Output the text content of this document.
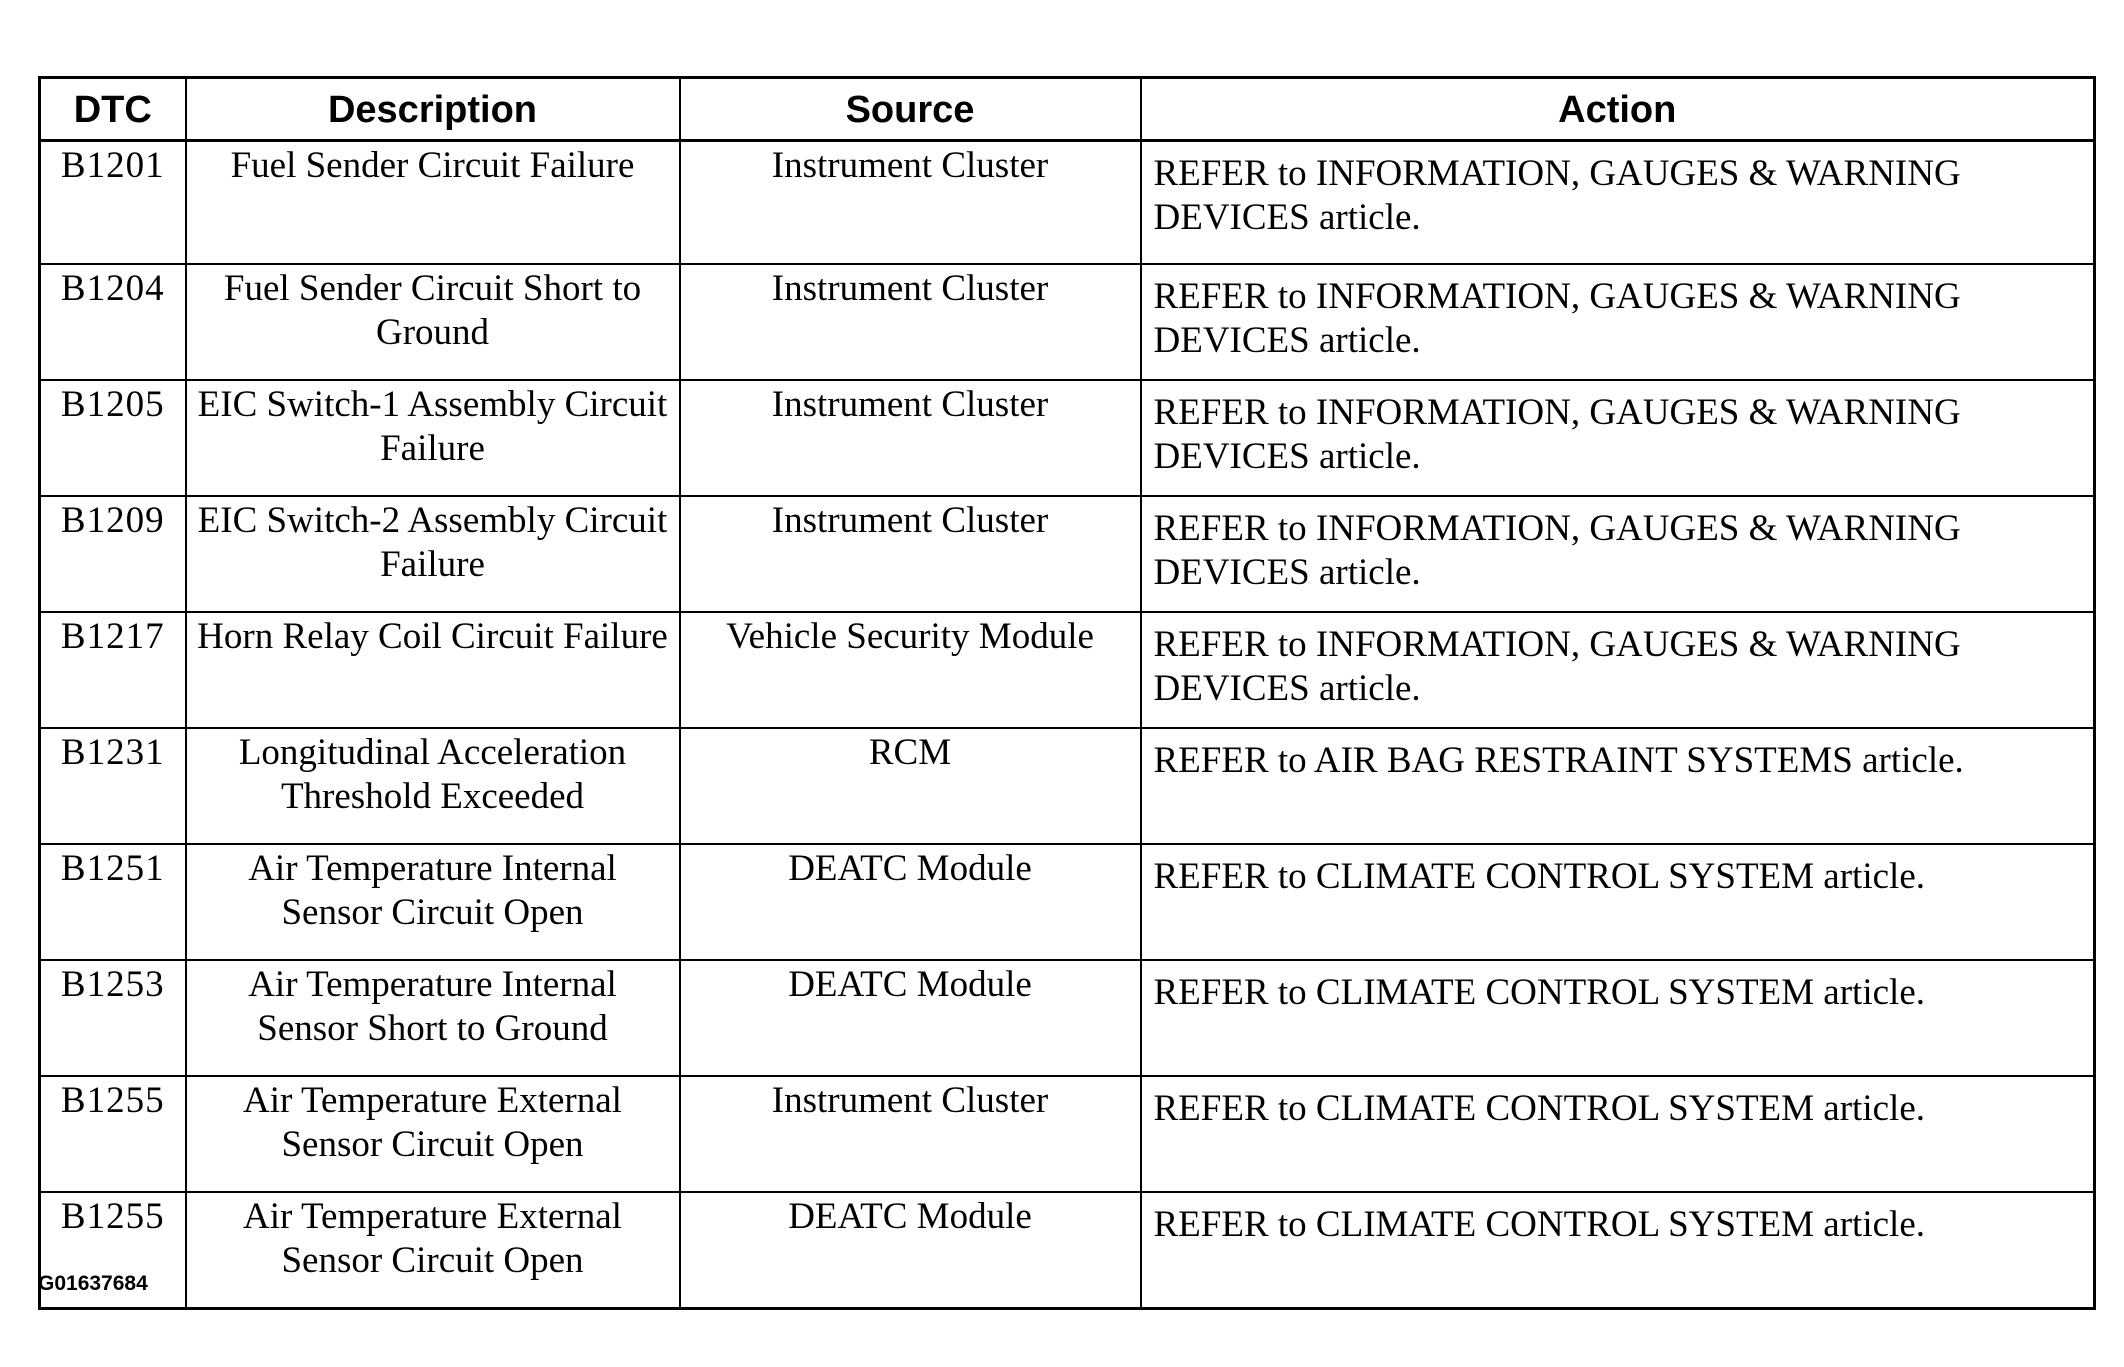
DTC	Description	Source	Action
B1201	Fuel Sender Circuit Failure	Instrument Cluster	REFER to INFORMATION, GAUGES & WARNING DEVICES article.
B1204	Fuel Sender Circuit Short to Ground	Instrument Cluster	REFER to INFORMATION, GAUGES & WARNING DEVICES article.
B1205	EIC Switch-1 Assembly Circuit Failure	Instrument Cluster	REFER to INFORMATION, GAUGES & WARNING DEVICES article.
B1209	EIC Switch-2 Assembly Circuit Failure	Instrument Cluster	REFER to INFORMATION, GAUGES & WARNING DEVICES article.
B1217	Horn Relay Coil Circuit Failure	Vehicle Security Module	REFER to INFORMATION, GAUGES & WARNING DEVICES article.
B1231	Longitudinal Acceleration Threshold Exceeded	RCM	REFER to AIR BAG RESTRAINT SYSTEMS article.
B1251	Air Temperature Internal Sensor Circuit Open	DEATC Module	REFER to CLIMATE CONTROL SYSTEM article.
B1253	Air Temperature Internal Sensor Short to Ground	DEATC Module	REFER to CLIMATE CONTROL SYSTEM article.
B1255	Air Temperature External Sensor Circuit Open	Instrument Cluster	REFER to CLIMATE CONTROL SYSTEM article.
B1255	Air Temperature External Sensor Circuit Open	DEATC Module	REFER to CLIMATE CONTROL SYSTEM article.
G01637684
